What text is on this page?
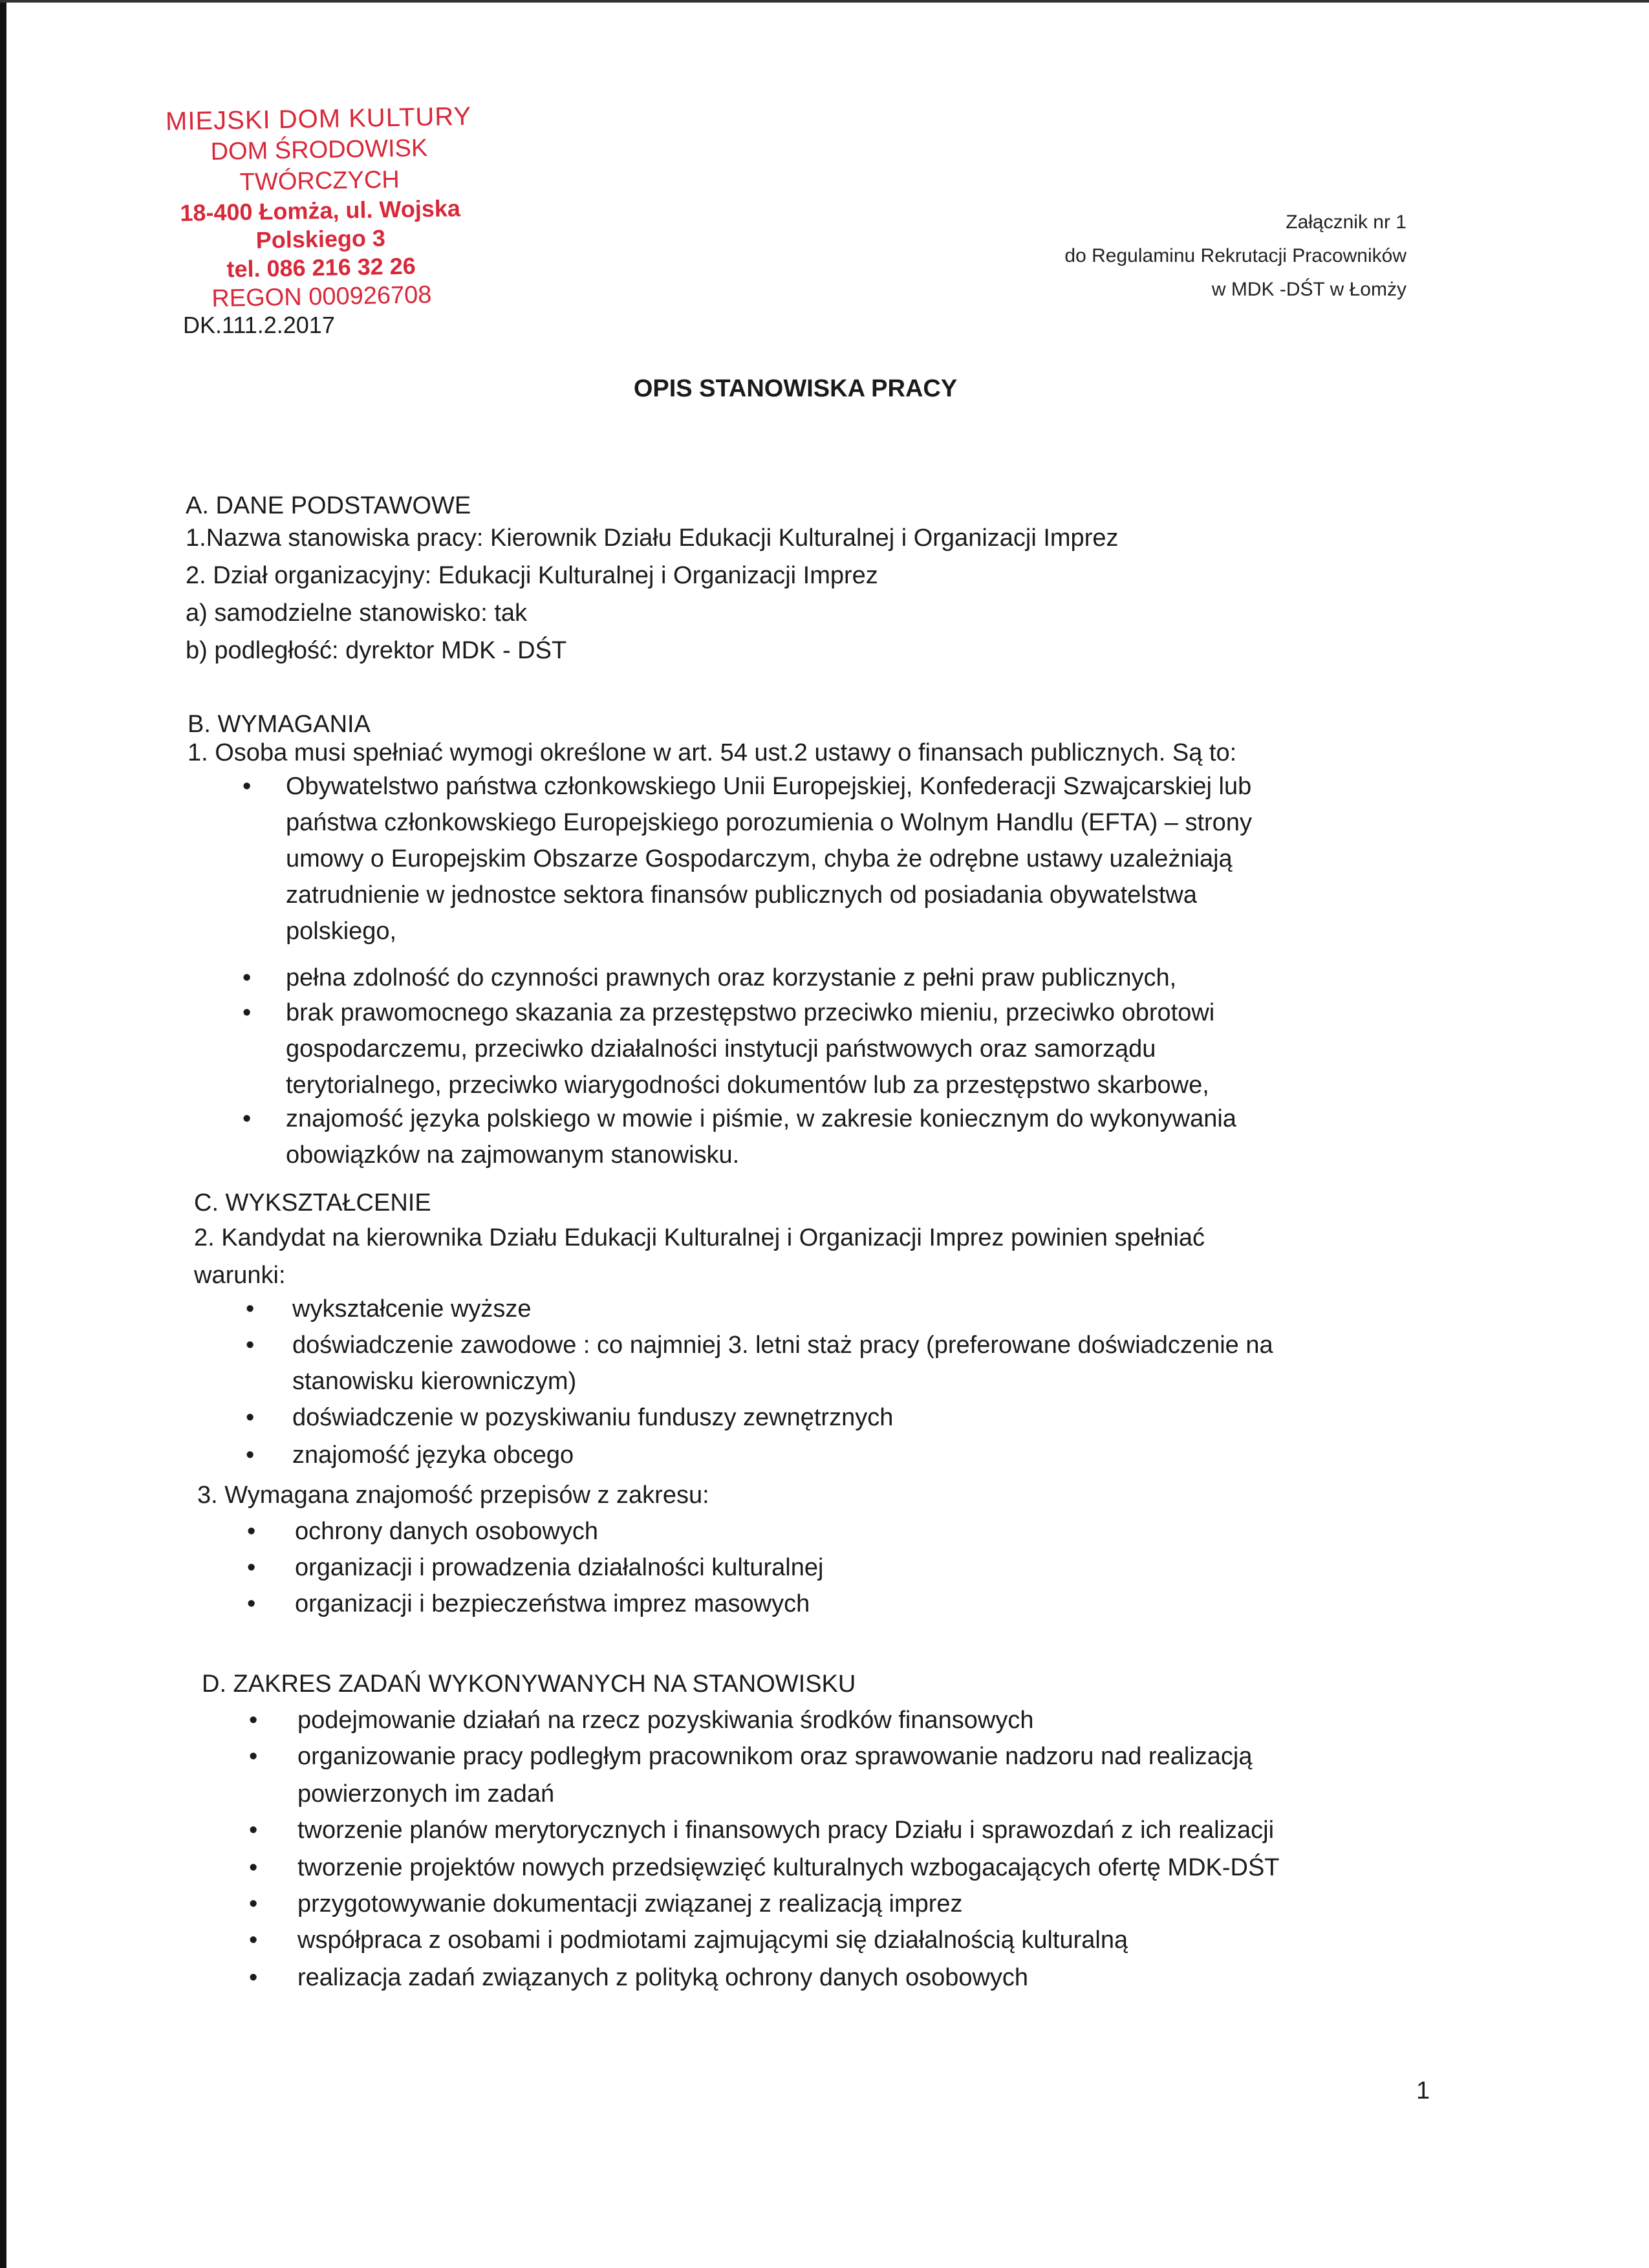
MIEJSKI DOM KULTURY
DOM ŚRODOWISK TWÓRCZYCH
18-400 Łomża, ul. Wojska Polskiego 3
tel. 086 216 32 26
REGON 000926708
Załącznik nr 1
do Regulaminu Rekrutacji Pracowników
w MDK -DŚT w Łomży
DK.111.2.2017
OPIS STANOWISKA PRACY
A. DANE PODSTAWOWE
1.Nazwa stanowiska pracy: Kierownik Działu Edukacji Kulturalnej i Organizacji Imprez
2. Dział organizacyjny: Edukacji Kulturalnej i Organizacji Imprez
a) samodzielne stanowisko: tak
b) podległość: dyrektor MDK - DŚT
B. WYMAGANIA
1. Osoba musi spełniać wymogi określone w art. 54 ust.2 ustawy o finansach publicznych. Są to:
• Obywatelstwo państwa członkowskiego Unii Europejskiej, Konfederacji Szwajcarskiej lub
państwa członkowskiego Europejskiego porozumienia o Wolnym Handlu (EFTA) – strony
umowy o Europejskim Obszarze Gospodarczym, chyba że odrębne ustawy uzależniają
zatrudnienie w jednostce sektora finansów publicznych od posiadania obywatelstwa
polskiego,
• pełna zdolność do czynności prawnych oraz korzystanie z pełni praw publicznych,
• brak prawomocnego skazania za przestępstwo przeciwko mieniu, przeciwko obrotowi
gospodarczemu, przeciwko działalności instytucji państwowych oraz samorządu
terytorialnego, przeciwko wiarygodności dokumentów lub za przestępstwo skarbowe,
• znajomość języka polskiego w mowie i piśmie, w zakresie koniecznym do wykonywania
obowiązków na zajmowanym stanowisku.
C. WYKSZTAŁCENIE
2. Kandydat na kierownika Działu Edukacji Kulturalnej i Organizacji Imprez powinien spełniać
warunki:
• wykształcenie wyższe
• doświadczenie zawodowe : co najmniej 3. letni staż pracy (preferowane doświadczenie na
stanowisku kierowniczym)
• doświadczenie w pozyskiwaniu funduszy zewnętrznych
• znajomość języka obcego
3. Wymagana znajomość przepisów z zakresu:
• ochrony danych osobowych
• organizacji i prowadzenia działalności kulturalnej
• organizacji i bezpieczeństwa imprez masowych
D. ZAKRES ZADAŃ WYKONYWANYCH NA STANOWISKU
• podejmowanie działań na rzecz pozyskiwania środków finansowych
• organizowanie pracy podległym pracownikom oraz sprawowanie nadzoru nad realizacją
powierzonych im zadań
• tworzenie planów merytorycznych i finansowych pracy Działu i sprawozdań z ich realizacji
• tworzenie projektów nowych przedsięwzięć kulturalnych wzbogacających ofertę MDK-DŚT
• przygotowywanie dokumentacji związanej z realizacją imprez
• współpraca z osobami i podmiotami zajmującymi się działalnością kulturalną
• realizacja zadań związanych z polityką ochrony danych osobowych
1
